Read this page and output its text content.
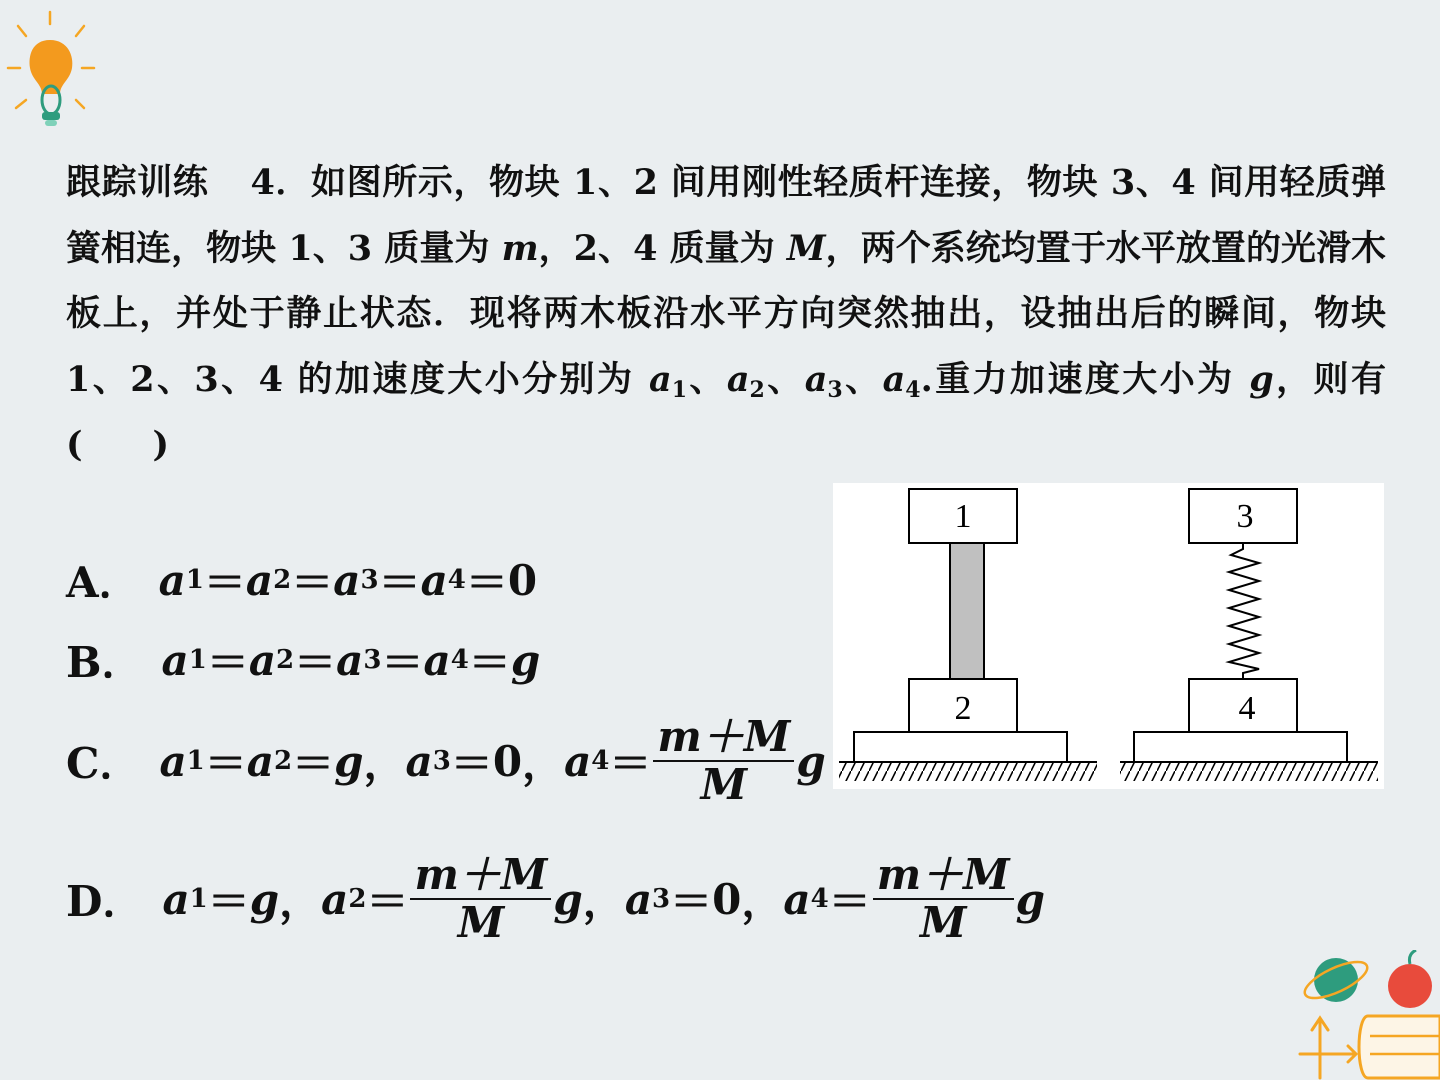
跟踪训练 4．如图所示，物块 1、2 间用刚性轻质杆连接，物块 3、4 间用轻质弹簧相连，物块 1、3 质量为 m，2、4 质量为 M，两个系统均置于水平放置的光滑木板上，并处于静止状态．现将两木板沿水平方向突然抽出，设抽出后的瞬间，物块 1、2、3、4 的加速度大小分别为 $a_1$、$a_2$、$a_3$、$a_4$.重力加速度大小为 g，则有(　　)
A． a 1 ＝ a 2 ＝ a 3 ＝ a 4 ＝ 0
B． a 1 ＝ a 2 ＝ a 3 ＝ a 4 ＝ g
C． a 1 ＝ a 2 ＝ g ， a 3 ＝ 0 ， a $4 = \frac{m+M}{M}$ g
D． a 1 ＝ g ， a $2 = \frac{m+M}{M}$ g ， a 3 ＝ 0 ， a $4 = \frac{m+M}{M}$ g
1
2
3
4
